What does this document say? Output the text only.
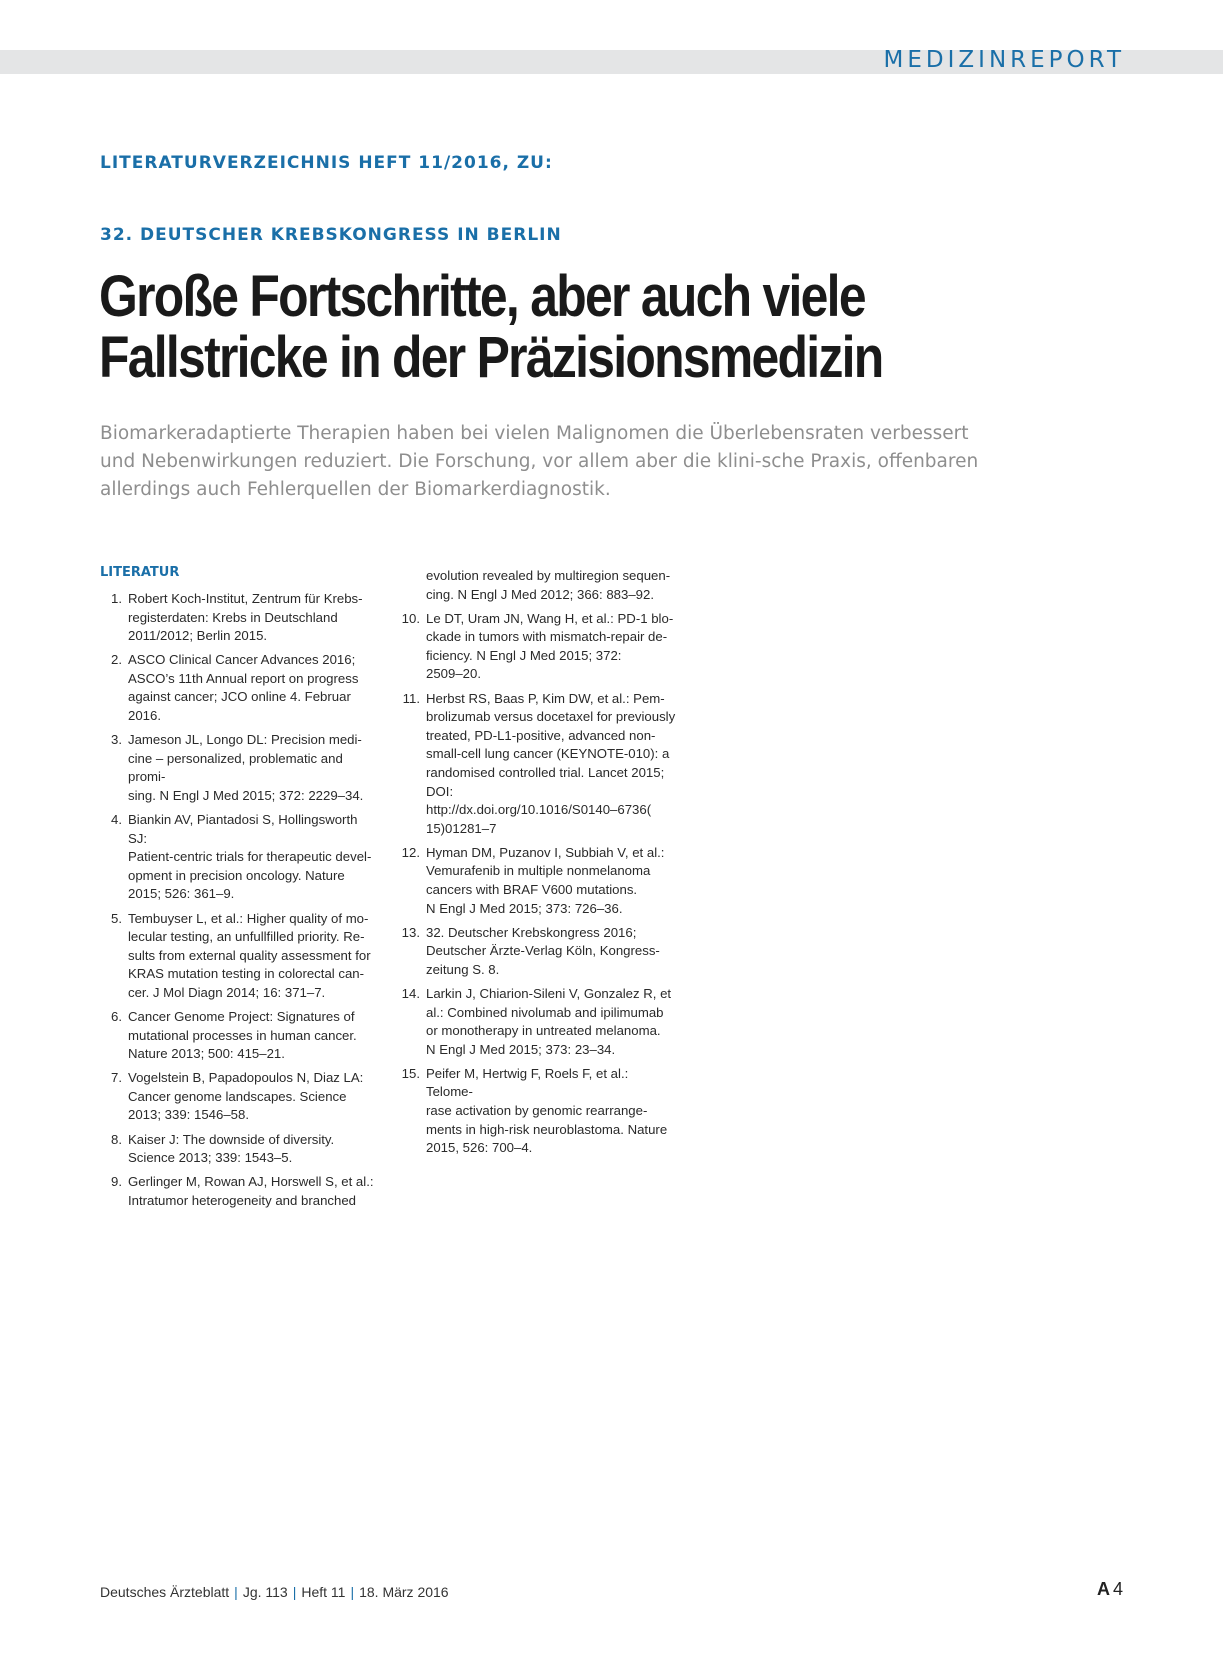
MEDIZINREPORT
LITERATURVERZEICHNIS HEFT 11/2016, ZU:
32. DEUTSCHER KREBSKONGRESS IN BERLIN
Große Fortschritte, aber auch viele
Fallstricke in der Präzisionsmedizin

Biomarkeradaptierte Therapien haben bei vielen Malignomen die Überlebensraten verbessert und Nebenwirkungen reduziert. Die Forschung, vor allem aber die klini-sche Praxis, offenbaren allerdings auch Fehlerquellen der Biomarkerdiagnostik.

LITERATUR
1. Robert Koch-Institut, Zentrum für Krebs-
registerdaten: Krebs in Deutschland
2011/2012; Berlin 2015.
2. ASCO Clinical Cancer Advances 2016;
ASCO’s 11th Annual report on progress
against cancer; JCO online 4. Februar
2016.
3. Jameson JL, Longo DL: Precision medi-
cine – personalized, problematic and promi-
sing. N Engl J Med 2015; 372: 2229–34.
4. Biankin AV, Piantadosi S, Hollingsworth SJ:
Patient-centric trials for therapeutic devel-
opment in precision oncology. Nature
2015; 526: 361–9.
5. Tembuyser L, et al.: Higher quality of mo-
lecular testing, an unfullfilled priority. Re-
sults from external quality assessment for
KRAS mutation testing in colorectal can-
cer. J Mol Diagn 2014; 16: 371–7.
6. Cancer Genome Project: Signatures of
mutational processes in human cancer.
Nature 2013; 500: 415–21.
7. Vogelstein B, Papadopoulos N, Diaz LA:
Cancer genome landscapes. Science
2013; 339: 1546–58.
8. Kaiser J: The downside of diversity.
Science 2013; 339: 1543–5.
9. Gerlinger M, Rowan AJ, Horswell S, et al.:
Intratumor heterogeneity and branched
evolution revealed by multiregion sequen-
cing. N Engl J Med 2012; 366: 883–92.
10. Le DT, Uram JN, Wang H, et al.: PD-1 blo-
ckade in tumors with mismatch-repair de-
ficiency. N Engl J Med 2015; 372:
2509–20.
11. Herbst RS, Baas P, Kim DW, et al.: Pem-
brolizumab versus docetaxel for previously
treated, PD-L1-positive, advanced non-
small-cell lung cancer (KEYNOTE-010): a
randomised controlled trial. Lancet 2015;
DOI:
http://dx.doi.org/10.1016/S0140–6736(
15)01281–7
12. Hyman DM, Puzanov I, Subbiah V, et al.:
Vemurafenib in multiple nonmelanoma
cancers with BRAF V600 mutations.
N Engl J Med 2015; 373: 726–36.
13. 32. Deutscher Krebskongress 2016;
Deutscher Ärzte-Verlag Köln, Kongress-
zeitung S. 8.
14. Larkin J, Chiarion-Sileni V, Gonzalez R, et
al.: Combined nivolumab and ipilimumab
or monotherapy in untreated melanoma.
N Engl J Med 2015; 373: 23–34.
15. Peifer M, Hertwig F, Roels F, et al.: Telome-
rase activation by genomic rearrange-
ments in high-risk neuroblastoma. Nature
2015, 526: 700–4.
Deutsches Ärzteblatt | Jg. 113 | Heft 11 | 18. März 2016	A 4
